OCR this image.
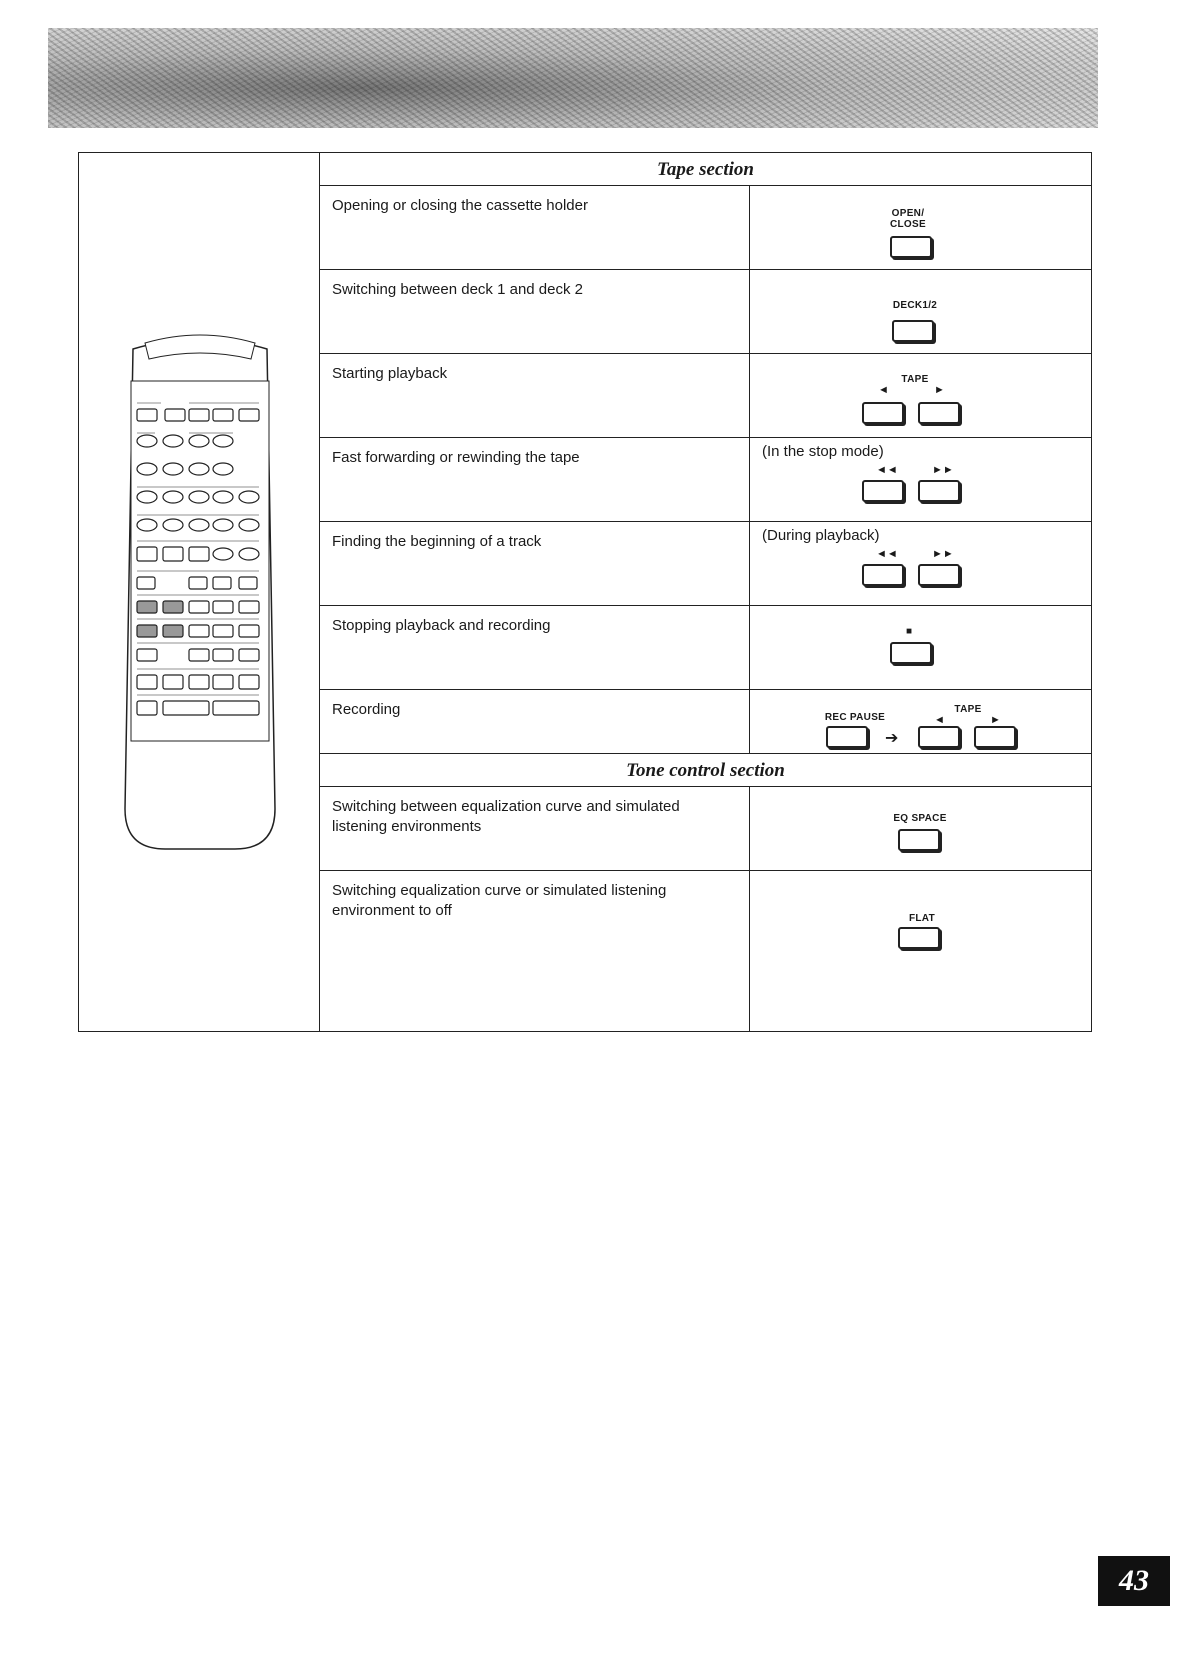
Tape section
Opening or closing the cassette holder	OPEN/
CLOSE
Switching between deck 1 and deck 2
DECK1/2
Starting playback	TAPE
◄	►
Fast forwarding or rewinding the tape	(In the stop mode)
◄◄	►►
Finding the beginning of a track	(During playback)
◄◄	►►
Stopping playback and recording	■
Recording	REC PAUSE
➔
TAPE
◄	►
Tone control section
Switching between equalization curve and simulated listening environments	EQ SPACE
Switching equalization curve or simulated listening environment to off	FLAT
43
